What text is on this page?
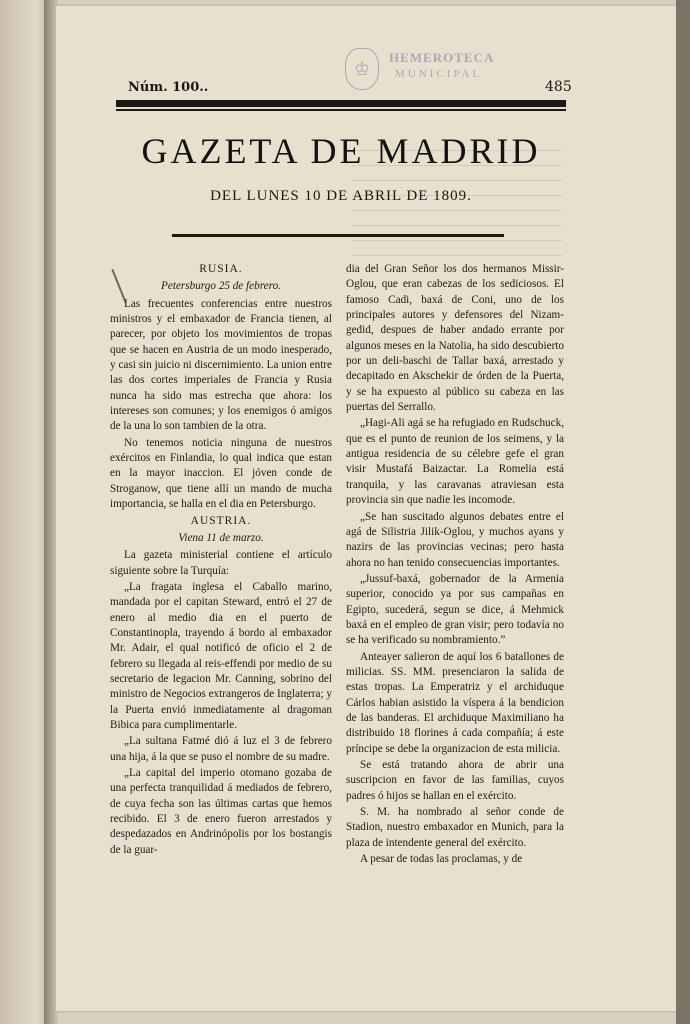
♔
HEMEROTECA
MUNICIPAL
Núm. 100..	485
GAZETA DE MADRID
DEL LUNES 10 DE ABRIL DE 1809.

RUSIA.

Petersburgo 25 de febrero.

Las frecuentes conferencias entre nuestros ministros y el embaxador de Francia tienen, al parecer, por objeto los movimientos de tropas que se hacen en Austria de un modo inesperado, y casi sin juicio ni discernimiento. La union entre las dos cortes imperiales de Francia y Rusia nunca ha sido mas estrecha que ahora: los intereses son comunes; y los enemigos ó amigos de la una lo son tambien de la otra.

No tenemos noticia ninguna de nuestros exércitos en Finlandia, lo qual indica que estan en la mayor inaccion. El jóven conde de Stroganow, que tiene allí un mando de mucha importancia, se halla en el dia en Petersburgo.

AUSTRIA.

Viena 11 de marzo.

La gazeta ministerial contiene el artículo siguiente sobre la Turquía:

„La fragata inglesa el Caballo marino, mandada por el capitan Steward, entró el 27 de enero al medio dia en el puerto de Constantinopla, trayendo á bordo al embaxador Mr. Adair, el qual notificó de oficio el 2 de febrero su llegada al reis-effendi por medio de su secretario de legacion Mr. Canning, sobrino del ministro de Negocios extrangeros de Inglaterra; y la Puerta envió inmediatamente al dragoman Bibica para cumplimentarle.

„La sultana Fatmé dió á luz el 3 de febrero una hija, á la que se puso el nombre de su madre.

„La capital del imperio otomano gozaba de una perfecta tranquilidad á mediados de febrero, de cuya fecha son las últimas cartas que hemos recibido. El 3 de enero fueron arrestados y despedazados en Andrinópolis por los bostangis de la guar-

dia del Gran Señor los dos hermanos Missir-Oglou, que eran cabezas de los sediciosos. El famoso Cadi, baxá de Coni, uno de los principales autores y defensores del Nizam-gedid, despues de haber andado errante por algunos meses en la Natolia, ha sido descubierto por un deli-baschi de Tallar baxá, arrestado y decapitado en Akschekir de órden de la Puerta, y se ha expuesto al público su cabeza en las puertas del Serrallo.

„Hagi-Ali agá se ha refugiado en Rudschuck, que es el punto de reunion de los seimens, y la antigua residencia de su célebre gefe el gran visir Mustafá Baizactar. La Romelia está tranquila, y las caravanas atraviesan esta provincia sin que nadie les incomode.

„Se han suscitado algunos debates entre el agá de Silistria Jilik-Oglou, y muchos ayans y nazirs de las provincias vecinas; pero hasta ahora no han tenido consecuencias importantes.

„Jussuf-baxá, gobernador de la Armenia superior, conocido ya por sus campañas en Egipto, sucederá, segun se dice, á Mehmick baxá en el empleo de gran visir; pero todavía no se ha verificado su nombramiento.”

Anteayer salieron de aquí los 6 batallones de milicias. SS. MM. presenciaron la salida de estas tropas. La Emperatriz y el archiduque Cárlos habian asistido la víspera á la bendicion de las banderas. El archiduque Maximiliano ha distribuido 18 florines á cada compañía; á este príncipe se debe la organizacion de esta milicia.

Se está tratando ahora de abrir una suscripcion en favor de las familias, cuyos padres ó hijos se hallan en el exército.

S. M. ha nombrado al señor conde de Stadion, nuestro embaxador en Munich, para la plaza de intendente general del exército.

A pesar de todas las proclamas, y de
